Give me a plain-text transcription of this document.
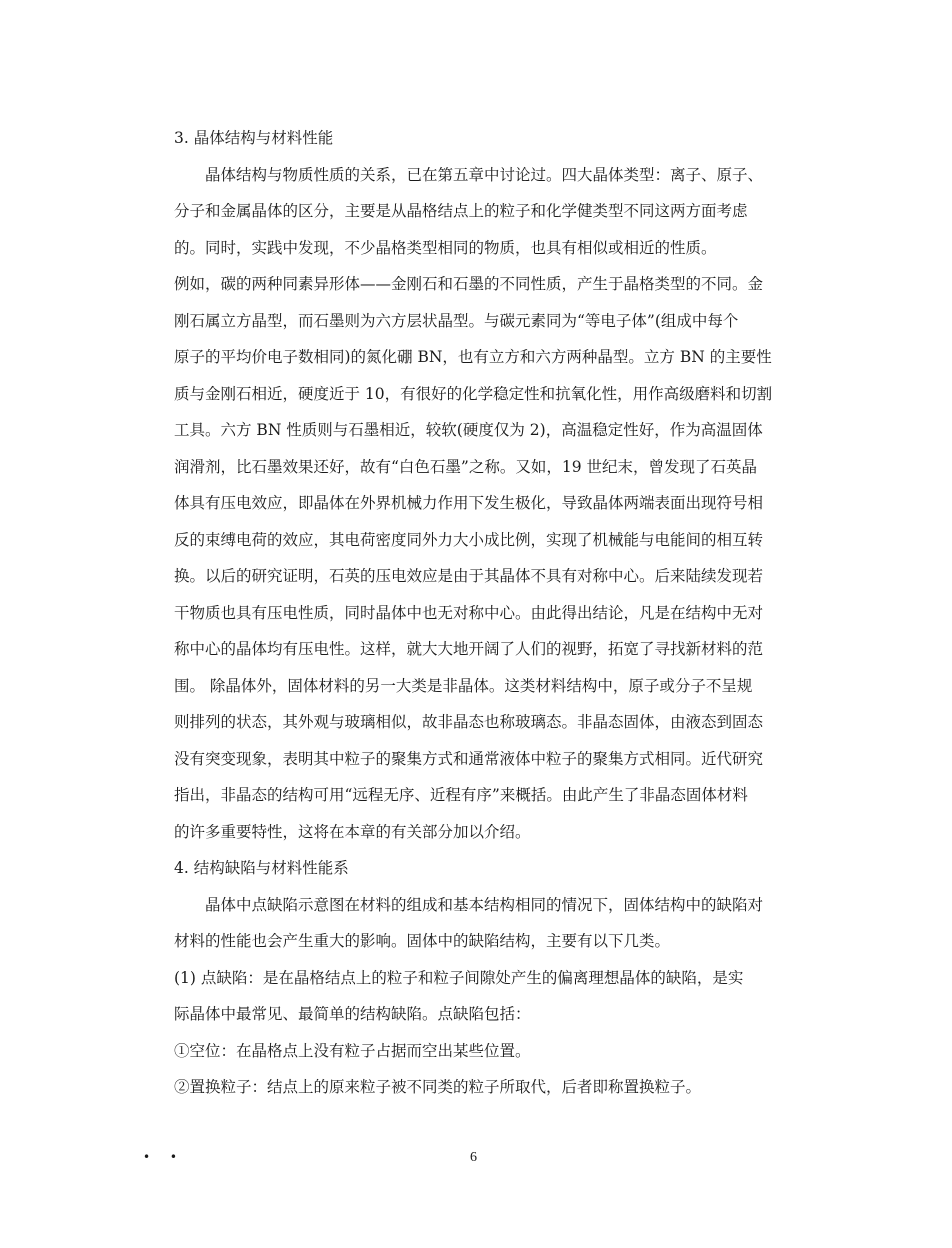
3. 晶体结构与材料性能
晶体结构与物质性质的关系，已在第五章中讨论过。四大晶体类型：离子、原子、
分子和金属晶体的区分，主要是从晶格结点上的粒子和化学健类型不同这两方面考虑
的。同时，实践中发现，不少晶格类型相同的物质，也具有相似或相近的性质。
例如，碳的两种同素异形体——金刚石和石墨的不同性质，产生于晶格类型的不同。金
刚石属立方晶型，而石墨则为六方层状晶型。与碳元素同为“等电子体”(组成中每个
原子的平均价电子数相同)的氮化硼 BN，也有立方和六方两种晶型。立方 BN 的主要性
质与金刚石相近，硬度近于 10，有很好的化学稳定性和抗氧化性，用作高级磨料和切割
工具。六方 BN 性质则与石墨相近，较软(硬度仅为 2)，高温稳定性好，作为高温固体
润滑剂，比石墨效果还好，故有“白色石墨”之称。又如，19 世纪末，曾发现了石英晶
体具有压电效应，即晶体在外界机械力作用下发生极化，导致晶体两端表面出现符号相
反的束缚电荷的效应，其电荷密度同外力大小成比例，实现了机械能与电能间的相互转
换。以后的研究证明，石英的压电效应是由于其晶体不具有对称中心。后来陆续发现若
干物质也具有压电性质，同时晶体中也无对称中心。由此得出结论，凡是在结构中无对
称中心的晶体均有压电性。这样，就大大地开阔了人们的视野，拓宽了寻找新材料的范
围。 除晶体外，固体材料的另一大类是非晶体。这类材料结构中，原子或分子不呈规
则排列的状态，其外观与玻璃相似，故非晶态也称玻璃态。非晶态固体，由液态到固态
没有突变现象，表明其中粒子的聚集方式和通常液体中粒子的聚集方式相同。近代研究
指出，非晶态的结构可用“远程无序、近程有序”来概括。由此产生了非晶态固体材料
的许多重要特性，这将在本章的有关部分加以介绍。
4. 结构缺陷与材料性能系
晶体中点缺陷示意图在材料的组成和基本结构相同的情况下，固体结构中的缺陷对
材料的性能也会产生重大的影响。固体中的缺陷结构，主要有以下几类。
(1) 点缺陷：是在晶格结点上的粒子和粒子间隙处产生的偏离理想晶体的缺陷，是实
际晶体中最常见、最简单的结构缺陷。点缺陷包括：
①空位：在晶格点上没有粒子占据而空出某些位置。
②置换粒子：结点上的原来粒子被不同类的粒子所取代，后者即称置换粒子。
• •	6
